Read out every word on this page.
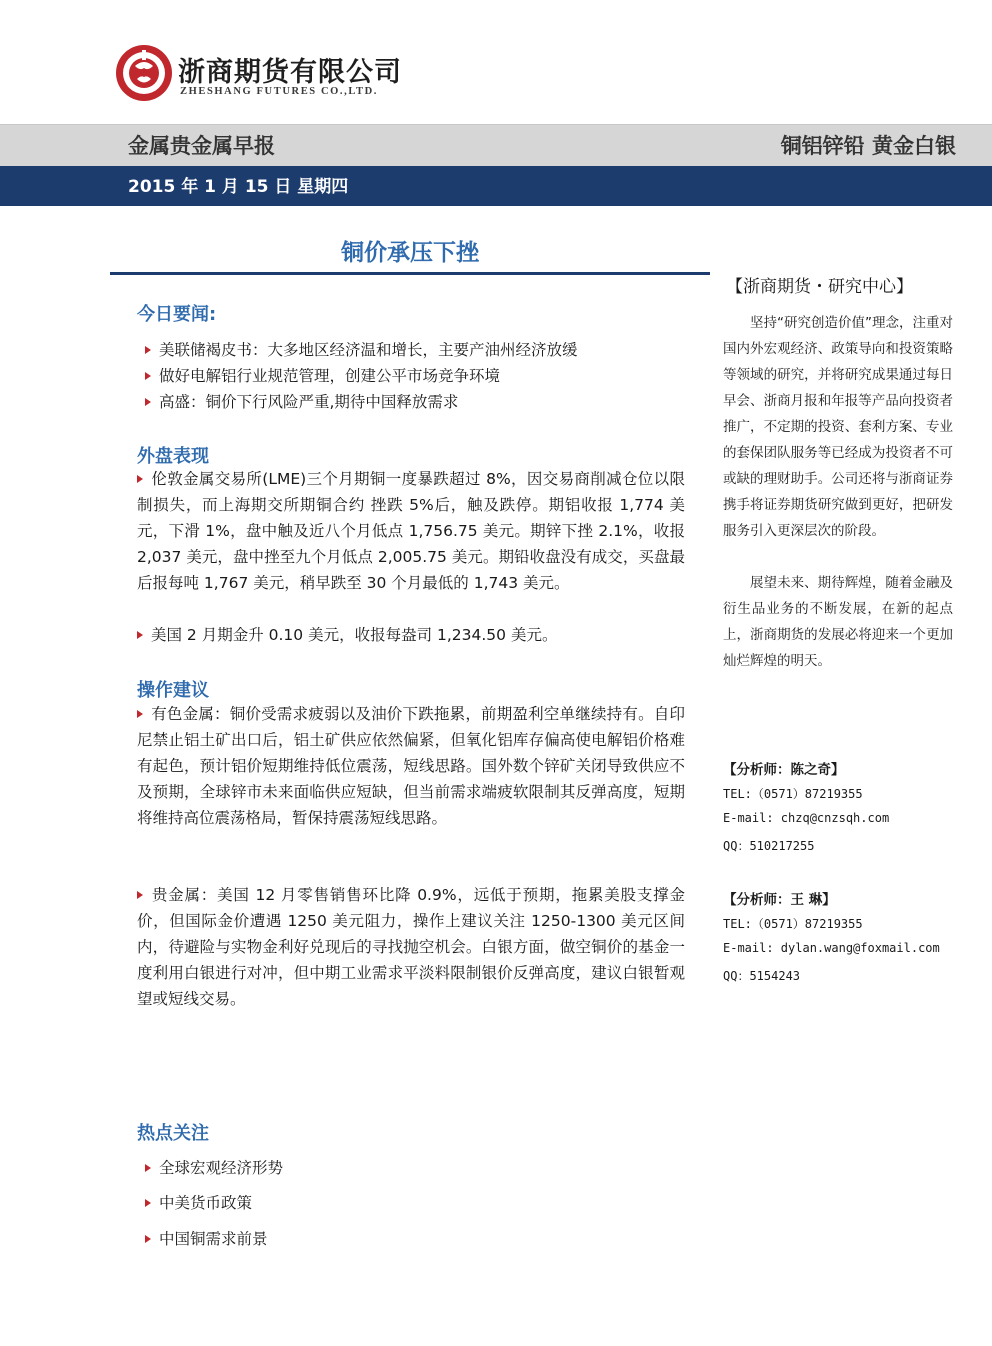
浙商期货有限公司
ZHESHANG FUTURES CO.,LTD.
金属贵金属早报	铜铝锌铅 黄金白银
2015 年 1 月 15 日 星期四
铜价承压下挫
今日要闻:
美联储褐皮书：大多地区经济温和增长，主要产油州经济放缓
做好电解铝行业规范管理，创建公平市场竞争环境
高盛：铜价下行风险严重,期待中国释放需求
外盘表现
伦敦金属交易所(LME)三个月期铜一度暴跌超过 8%，因交易商削减仓位以限制损失，而上海期交所期铜合约 挫跌 5%后，触及跌停。期铝收报 1,774 美元，下滑 1%，盘中触及近八个月低点 1,756.75 美元。期锌下挫 2.1%，收报 2,037 美元，盘中挫至九个月低点 2,005.75 美元。期铅收盘没有成交，买盘最后报每吨 1,767 美元，稍早跌至 30 个月最低的 1,743 美元。
美国 2 月期金升 0.10 美元，收报每盎司 1,234.50 美元。
操作建议
有色金属：铜价受需求疲弱以及油价下跌拖累，前期盈利空单继续持有。自印尼禁止铝土矿出口后，铝土矿供应依然偏紧，但氧化铝库存偏高使电解铝价格难有起色，预计铝价短期维持低位震荡，短线思路。国外数个锌矿关闭导致供应不及预期，全球锌市未来面临供应短缺，但当前需求端疲软限制其反弹高度，短期将维持高位震荡格局，暂保持震荡短线思路。
贵金属：美国 12 月零售销售环比降 0.9%，远低于预期，拖累美股支撑金价，但国际金价遭遇 1250 美元阻力，操作上建议关注 1250-1300 美元区间内，待避险与实物金利好兑现后的寻找抛空机会。白银方面，做空铜价的基金一度利用白银进行对冲，但中期工业需求平淡料限制银价反弹高度，建议白银暂观望或短线交易。
热点关注
全球宏观经济形势
中美货币政策
中国铜需求前景
【浙商期货・研究中心】
坚持“研究创造价值”理念，注重对国内外宏观经济、政策导向和投资策略等领域的研究，并将研究成果通过每日早会、浙商月报和年报等产品向投资者推广，不定期的投资、套利方案、专业的套保团队服务等已经成为投资者不可或缺的理财助手。公司还将与浙商证券携手将证券期货研究做到更好，把研发服务引入更深层次的阶段。
展望未来、期待辉煌，随着金融及衍生品业务的不断发展，在新的起点上，浙商期货的发展必将迎来一个更加灿烂辉煌的明天。
【分析师：陈之奇】
TEL:（0571）87219355
E-mail: chzq@cnzsqh.com
QQ：510217255
【分析师：王 琳】
TEL:（0571）87219355
E-mail: dylan.wang@foxmail.com
QQ：5154243
